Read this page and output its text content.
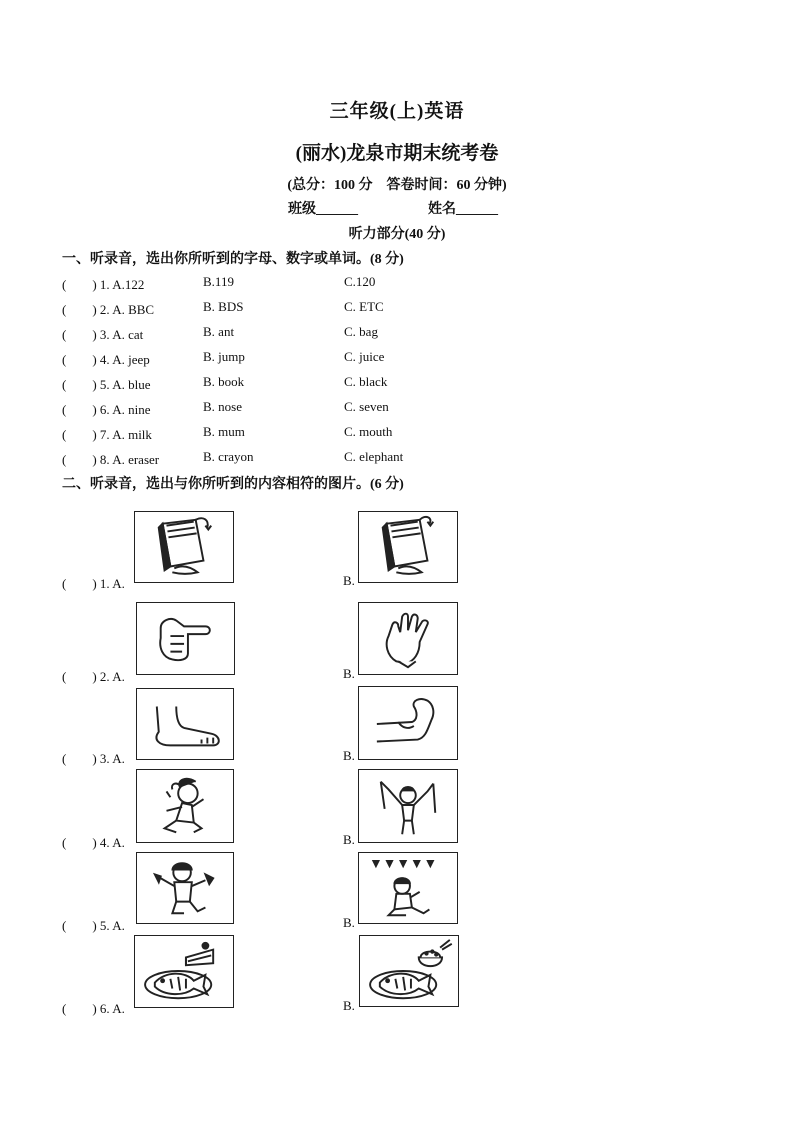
三年级(上)英语
(丽水)龙泉市期末统考卷
(总分：100 分　答卷时间：60 分钟)
班级______	姓名______
听力部分(40 分)
一、听录音，选出你所听到的字母、数字或单词。(8 分)
(　　) 1. A.122	B.119	C.120
(　　) 2. A. BBC	B. BDS	C. ETC
(　　) 3. A. cat	B. ant	C. bag
(　　) 4. A. jeep	B. jump	C. juice
(　　) 5. A. blue	B. book	C. black
(　　) 6. A. nine	B. nose	C. seven
(　　) 7. A. milk	B. mum	C. mouth
(　　) 8. A. eraser	B. crayon	C. elephant
二、听录音，选出与你所听到的内容相符的图片。(6 分)
(　　) 1. A.	B.
(　　) 2. A.	B.
(　　) 3. A.	B.
(　　) 4. A.	B.
(　　) 5. A.	B.
(　　) 6. A.	B.
